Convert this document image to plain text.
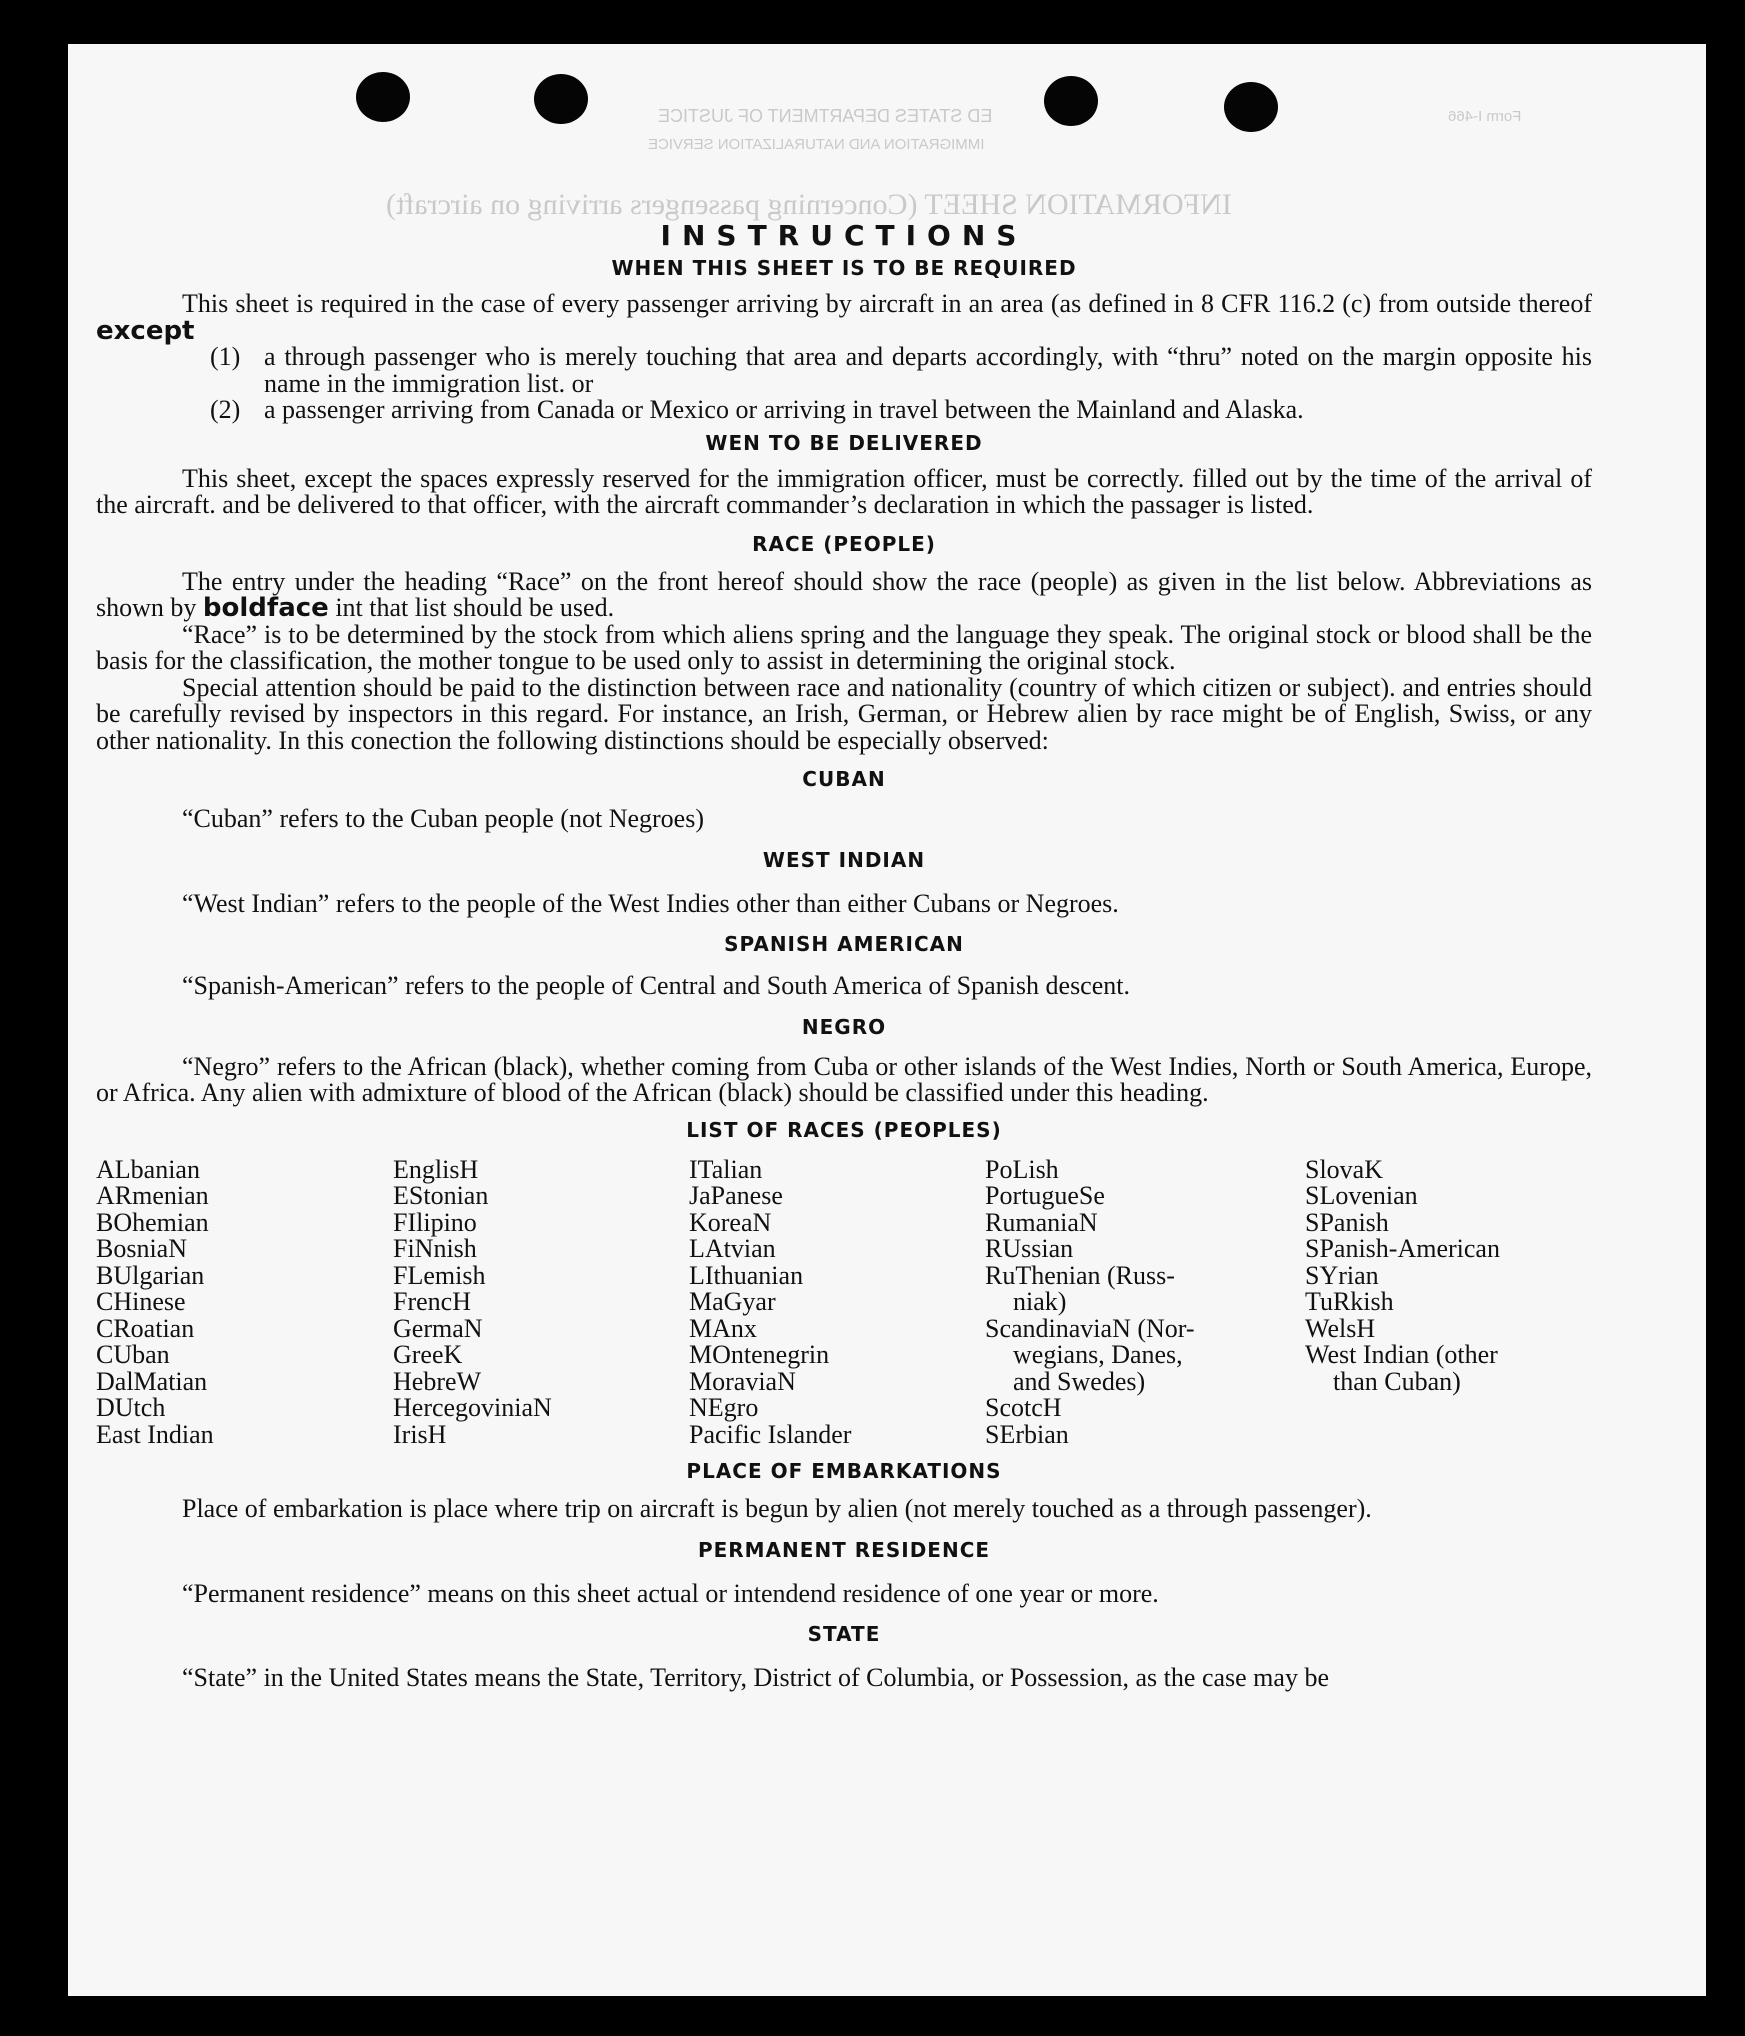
ED STATES DEPARTMENT OF JUSTICE
IMMIGRATION AND NATURALIZATION SERVICE
Form I-466
INFORMATION SHEET (Concerning passengers arriving on aircraft)
INSTRUCTIONS
WHEN THIS SHEET IS TO BE REQUIRED

This sheet is required in the case of every passenger arriving by aircraft in an area (as defined in 8 CFR 116.2 (c) from outside thereof except

(1) a through passenger who is merely touching that area and departs accordingly, with “thru” noted on the margin opposite his name in the immigration list. or
(2) a passenger arriving from Canada or Mexico or arriving in travel between the Mainland and Alaska.
WEN TO BE DELIVERED

This sheet, except the spaces expressly reserved for the immigration officer, must be correctly. filled out by the time of the arrival of the aircraft. and be delivered to that officer, with the aircraft commander’s declaration in which the passager is listed.

RACE (PEOPLE)

The entry under the heading “Race” on the front hereof should show the race (people) as given in the list below. Abbreviations as shown by boldface int that list should be used.

“Race” is to be determined by the stock from which aliens spring and the language they speak. The original stock or blood shall be the basis for the classification, the mother tongue to be used only to assist in determining the original stock.

Special attention should be paid to the distinction between race and nationality (country of which citizen or subject). and entries should be carefully revised by inspectors in this regard. For instance, an Irish, German, or Hebrew alien by race might be of English, Swiss, or any other nationality. In this conection the following distinctions should be especially observed:

CUBAN

“Cuban” refers to the Cuban people (not Negroes)

WEST INDIAN

“West Indian” refers to the people of the West Indies other than either Cubans or Negroes.

SPANISH AMERICAN

“Spanish-American” refers to the people of Central and South America of Spanish descent.

NEGRO

“Negro” refers to the African (black), whether coming from Cuba or other islands of the West Indies, North or South America, Europe, or Africa. Any alien with admixture of blood of the African (black) should be classified under this heading.

LIST OF RACES (PEOPLES)
ALbanian
ARmenian
BOhemian
BosniaN
BUlgarian
CHinese
CRoatian
CUban
DalMatian
DUtch
East Indian
EnglisH
EStonian
FIlipino
FiNnish
FLemish
FrencH
GermaN
GreeK
HebreW
HercegoviniaN
IrisH
ITalian
JaPanese
KoreaN
LAtvian
LIthuanian
MaGyar
MAnx
MOntenegrin
MoraviaN
NEgro
Pacific Islander
PoLish
PortugueSe
RumaniaN
RUssian
RuThenian (Russ-
niak)
ScandinaviaN (Nor-
wegians, Danes,
and Swedes)
ScotcH
SErbian
SlovaK
SLovenian
SPanish
SPanish-American
SYrian
TuRkish
WelsH
West Indian (other
than Cuban)
PLACE OF EMBARKATIONS

Place of embarkation is place where trip on aircraft is begun by alien (not merely touched as a through passenger).

PERMANENT RESIDENCE

“Permanent residence” means on this sheet actual or intendend residence of one year or more.

STATE

“State” in the United States means the State, Territory, District of Columbia, or Possession, as the case may be
